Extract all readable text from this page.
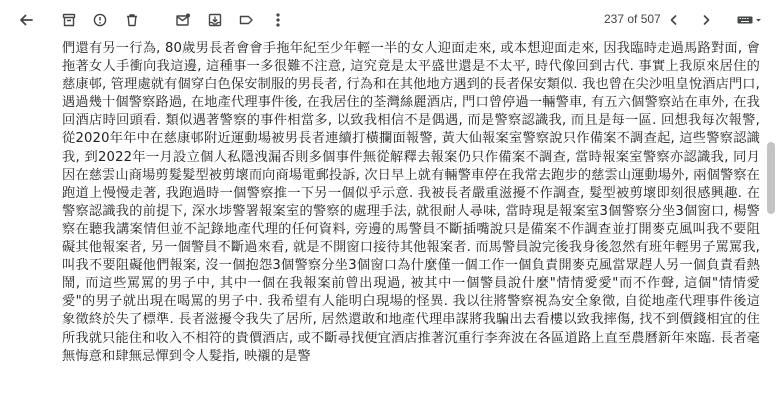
237 of 507

們還有另一行為, 80歲男長者會會手拖年紀至少年輕一半的女人迎面走來, 或本想迎面走來, 因我臨時走過馬路對面, 會拖著女人手衝向我這邊, 這種事一多很難不注意, 這究竟是太平盛世還是不太平, 時代像回到古代. 事實上我原來居住的慈康邨, 管理處就有個穿白色保安制服的男長者, 行為和在其他地方遇到的長者保安類似. 我也曾在尖沙咀皇悅酒店門口, 遇過幾十個警察路過, 在地產代理事件後, 在我居住的荃灣絲麗酒店, 門口曾停過一輛警車, 有五六個警察站在車外, 在我回酒店時回頭看. 類似遇著警察的事件相當多, 以致我相信不是偶遇, 而是警察認識我, 而且是每一區. 回想我每次報警, 從2020年年中在慈康邨附近運動場被男長者連續打橫攔面報警, 黃大仙報案室警察說只作備案不調查起, 這些警察認識我, 到2022年一月設立個人私隱洩漏否則多個事件無從解釋去報案仍只作備案不調查, 當時報案室警察亦認識我, 同月因在慈雲山商場剪髮髮型被剪壞而向商場電郵投訴, 次日早上就有輛警車停在我常去跑步的慈雲山運動場外, 兩個警察在跑道上慢慢走著, 我跑過時一個警察推一下另一個似乎示意. 我被長者嚴重滋擾不作調查, 髮型被剪壞即刻很感興趣. 在警察認識我的前提下, 深水埗警署報案室的警察的處理手法, 就很耐人尋味, 當時現是報案室3個警察分坐3個窗口, 楊警察在聽我講案情但並不記錄地產代理的任何資料, 旁邊的馬警員不斷插嘴說只是備案不作調查並打開麥克風叫我不要阻礙其他報案者, 另一個警員不斷過來看, 就是不開窗口接待其他報案者. 而馬警員說完後我身後忽然有班年輕男子罵罵我, 叫我不要阻礙他們報案, 沒一個抱怨3個警察分坐3個窗口為什麼僅一個工作一個負責開麥克風當眾趕人另一個負責看熱鬧, 而這些罵罵的男子中, 其中一個在我報案前曾出現過, 被其中一個警員說什麼"情情愛愛"而不作聲, 這個"情情愛愛"的男子就出現在喝罵的男子中. 我希望有人能明白現場的怪異. 我以往將警察視為安全象徵, 自從地產代理事件後這象徵終於失了標準. 長者滋擾令我失了居所, 居然還敢和地產代理串謀將我騙出去看樓以致我摔傷, 找不到價錢相宜的住所我就只能住和收入不相符的貴價酒店, 或不斷尋找便宜酒店推著沉重行李奔波在各區道路上直至農曆新年來臨. 長者毫無悔意和肆無忌憚到令人髮指, 映襯的是警
